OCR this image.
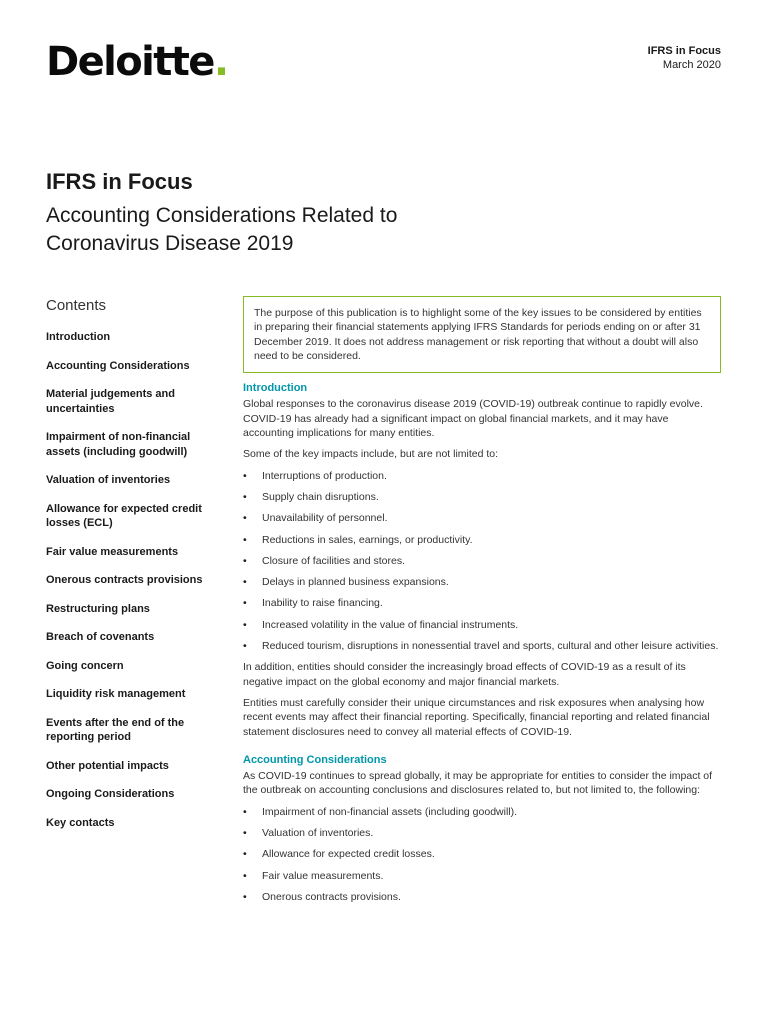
Deloitte.	IFRS in Focus
March 2020
IFRS in Focus
Accounting Considerations Related to
Coronavirus Disease 2019
Contents
Introduction
Accounting Considerations
Material judgements and uncertainties
Impairment of non-financial assets (including goodwill)
Valuation of inventories
Allowance for expected credit losses (ECL)
Fair value measurements
Onerous contracts provisions
Restructuring plans
Breach of covenants
Going concern
Liquidity risk management
Events after the end of the reporting period
Other potential impacts
Ongoing Considerations
Key contacts
The purpose of this publication is to highlight some of the key issues to be considered by entities in preparing their financial statements applying IFRS Standards for periods ending on or after 31 December 2019. It does not address management or risk reporting that without a doubt will also need to be considered.
Introduction

Global responses to the coronavirus disease 2019 (COVID-19) outbreak continue to rapidly evolve. COVID-19 has already had a significant impact on global financial markets, and it may have accounting implications for many entities.

Some of the key impacts include, but are not limited to:

• Interruptions of production.
• Supply chain disruptions.
• Unavailability of personnel.
• Reductions in sales, earnings, or productivity.
• Closure of facilities and stores.
• Delays in planned business expansions.
• Inability to raise financing.
• Increased volatility in the value of financial instruments.
• Reduced tourism, disruptions in nonessential travel and sports, cultural and other leisure activities.

In addition, entities should consider the increasingly broad effects of COVID-19 as a result of its negative impact on the global economy and major financial markets.

Entities must carefully consider their unique circumstances and risk exposures when analysing how recent events may affect their financial reporting. Specifically, financial reporting and related financial statement disclosures need to convey all material effects of COVID-19.

Accounting Considerations

As COVID-19 continues to spread globally, it may be appropriate for entities to consider the impact of the outbreak on accounting conclusions and disclosures related to, but not limited to, the following:

• Impairment of non-financial assets (including goodwill).
• Valuation of inventories.
• Allowance for expected credit losses.
• Fair value measurements.
• Onerous contracts provisions.
